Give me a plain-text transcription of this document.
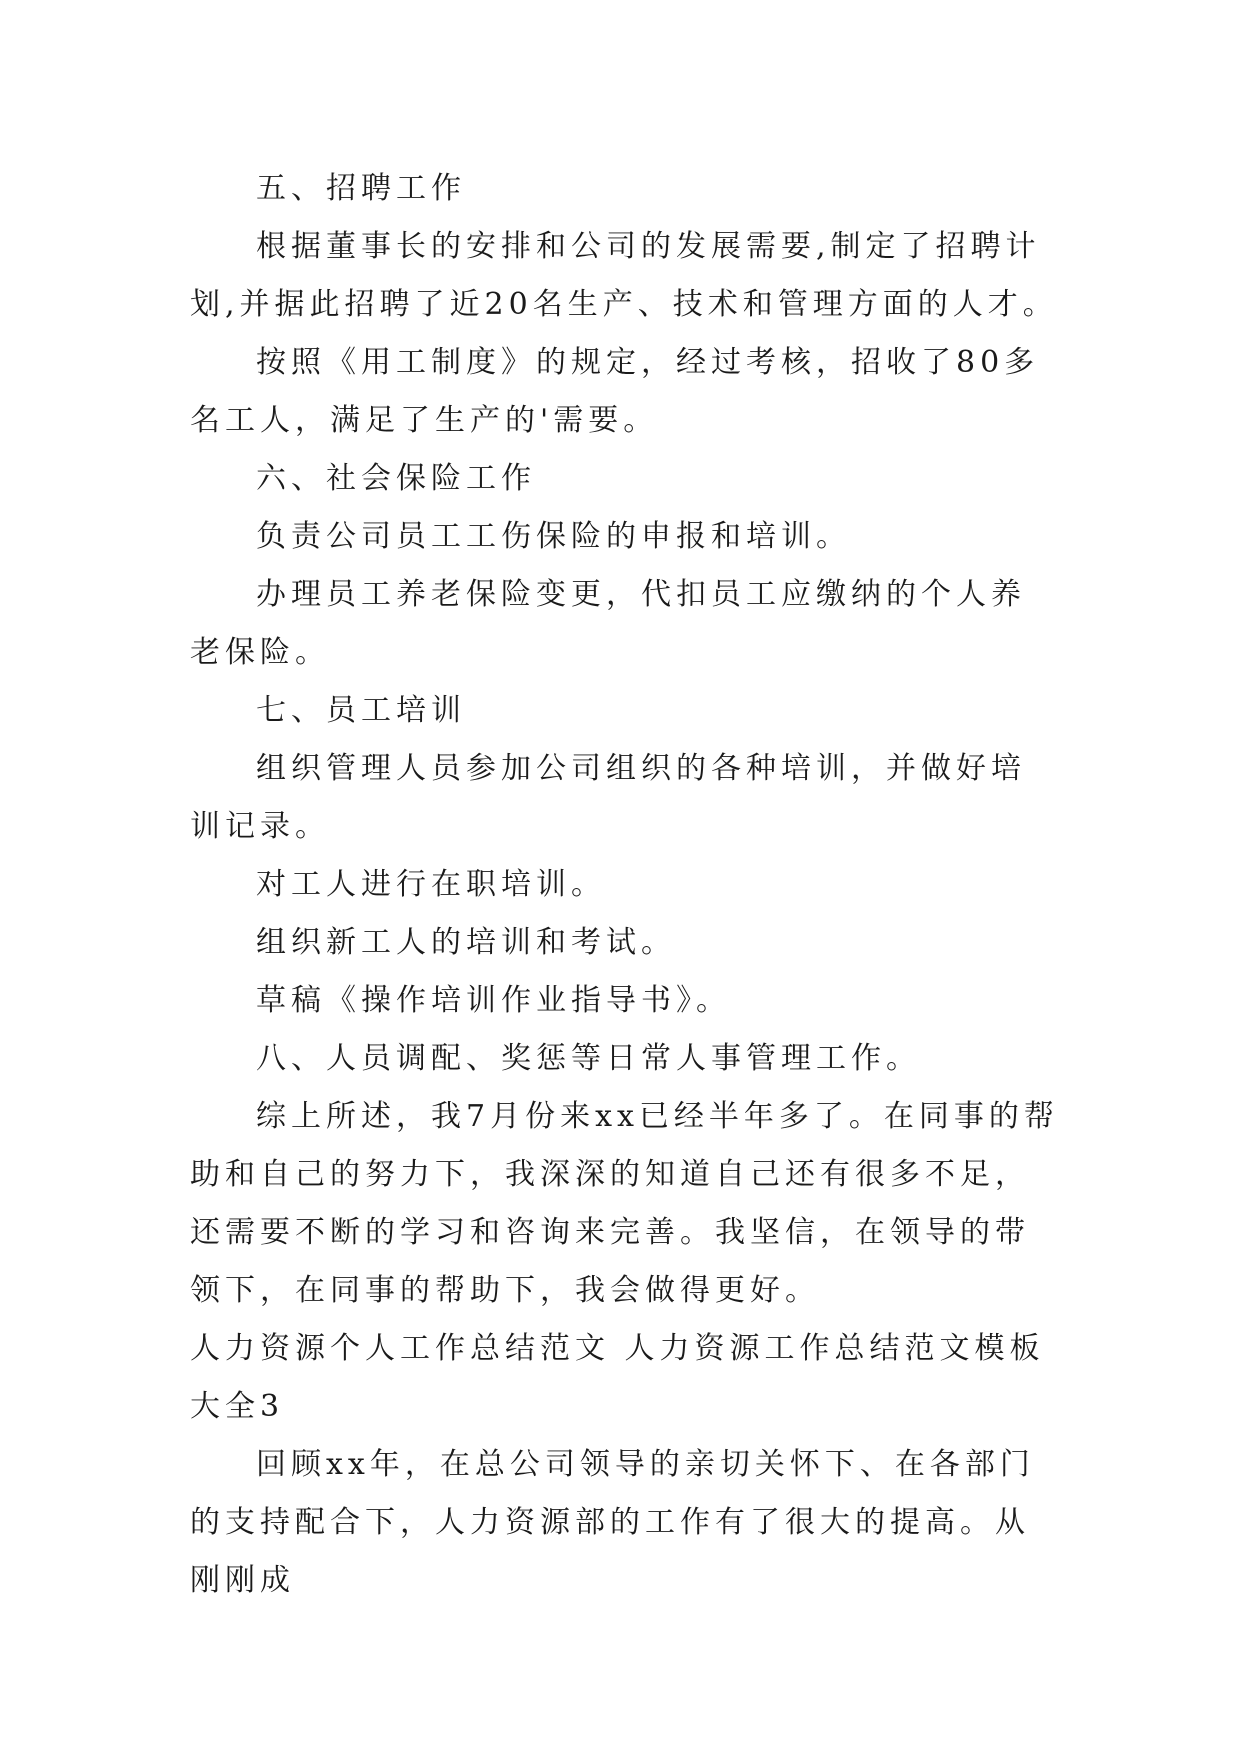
五、招聘工作

根据董事长的安排和公司的发展需要,制定了招聘计划,并据此招聘了近20名生产、技术和管理方面的人才。

按照《用工制度》的规定，经过考核，招收了80多名工人，满足了生产的'需要。

六、社会保险工作

负责公司员工工伤保险的申报和培训。

办理员工养老保险变更，代扣员工应缴纳的个人养老保险。

七、员工培训

组织管理人员参加公司组织的各种培训，并做好培训记录。

对工人进行在职培训。

组织新工人的培训和考试。

草稿《操作培训作业指导书》。

八、人员调配、奖惩等日常人事管理工作。

综上所述，我7月份来xx已经半年多了。在同事的帮助和自己的努力下，我深深的知道自己还有很多不足，还需要不断的学习和咨询来完善。我坚信，在领导的带领下，在同事的帮助下，我会做得更好。

人力资源个人工作总结范文 人力资源工作总结范文模板大全3

回顾xx年，在总公司领导的亲切关怀下、在各部门的支持配合下，人力资源部的工作有了很大的提高。从刚刚成
